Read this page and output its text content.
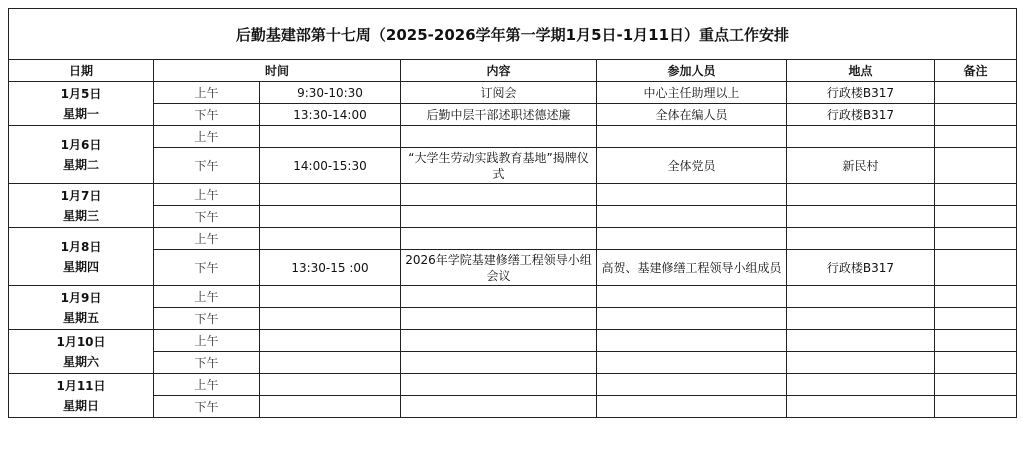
后勤基建部第十七周（2025-2026学年第一学期1月5日-1月11日）重点工作安排						
日期	时间		内容	参加人员	地点	备注

1月5日
星期一	上午	9:30-10:30	订阅会	中心主任助理以上	行政楼B317	
	下午	13:30-14:00	后勤中层干部述职述德述廉	全体在编人员	行政楼B317	

1月6日
星期二	上午					
	下午	14:00-15:30	“大学生劳动实践教育基地”揭牌仪式	全体党员	新民村	

1月7日
星期三	上午					
	下午					

1月8日
星期四	上午					
	下午	13:30-15 :00	2026年学院基建修缮工程领导小组会议	高贺、基建修缮工程领导小组成员	行政楼B317	

1月9日
星期五	上午					
	下午					

1月10日
星期六	上午					
	下午					

1月11日
星期日	上午					
	下午					
